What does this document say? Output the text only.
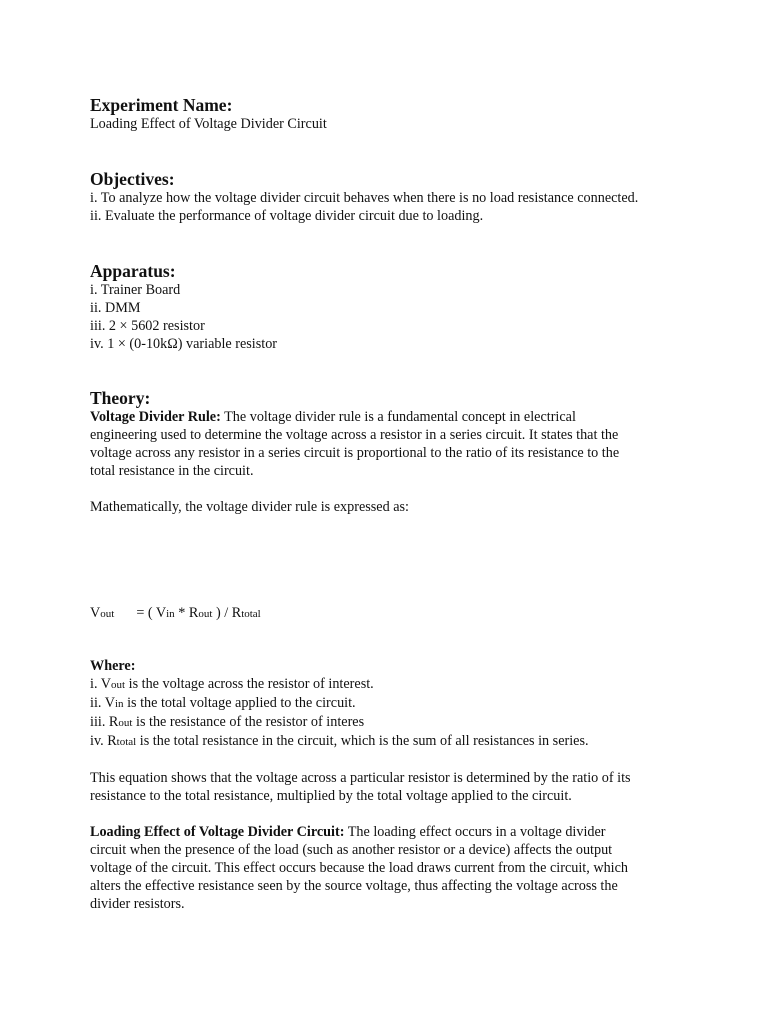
Experiment Name:

Loading Effect of Voltage Divider Circuit

Objectives:

i. To analyze how the voltage divider circuit behaves when there is no load resistance connected.

ii. Evaluate the performance of voltage divider circuit due to loading.

Apparatus:

i. Trainer Board

ii. DMM

iii. 2 × 5602 resistor

iv. 1 × (0-10kΩ) variable resistor

Theory:

Voltage Divider Rule: The voltage divider rule is a fundamental concept in electrical

engineering used to determine the voltage across a resistor in a series circuit. It states that the

voltage across any resistor in a series circuit is proportional to the ratio of its resistance to the

total resistance in the circuit.

Mathematically, the voltage divider rule is expressed as:

Vout = ( Vin * Rout ) / Rtotal

Where:

i. Vout is the voltage across the resistor of interest.

ii. Vin is the total voltage applied to the circuit.

iii. Rout is the resistance of the resistor of interes

iv. Rtotal is the total resistance in the circuit, which is the sum of all resistances in series.

This equation shows that the voltage across a particular resistor is determined by the ratio of its

resistance to the total resistance, multiplied by the total voltage applied to the circuit.

Loading Effect of Voltage Divider Circuit: The loading effect occurs in a voltage divider

circuit when the presence of the load (such as another resistor or a device) affects the output

voltage of the circuit. This effect occurs because the load draws current from the circuit, which

alters the effective resistance seen by the source voltage, thus affecting the voltage across the

divider resistors.
